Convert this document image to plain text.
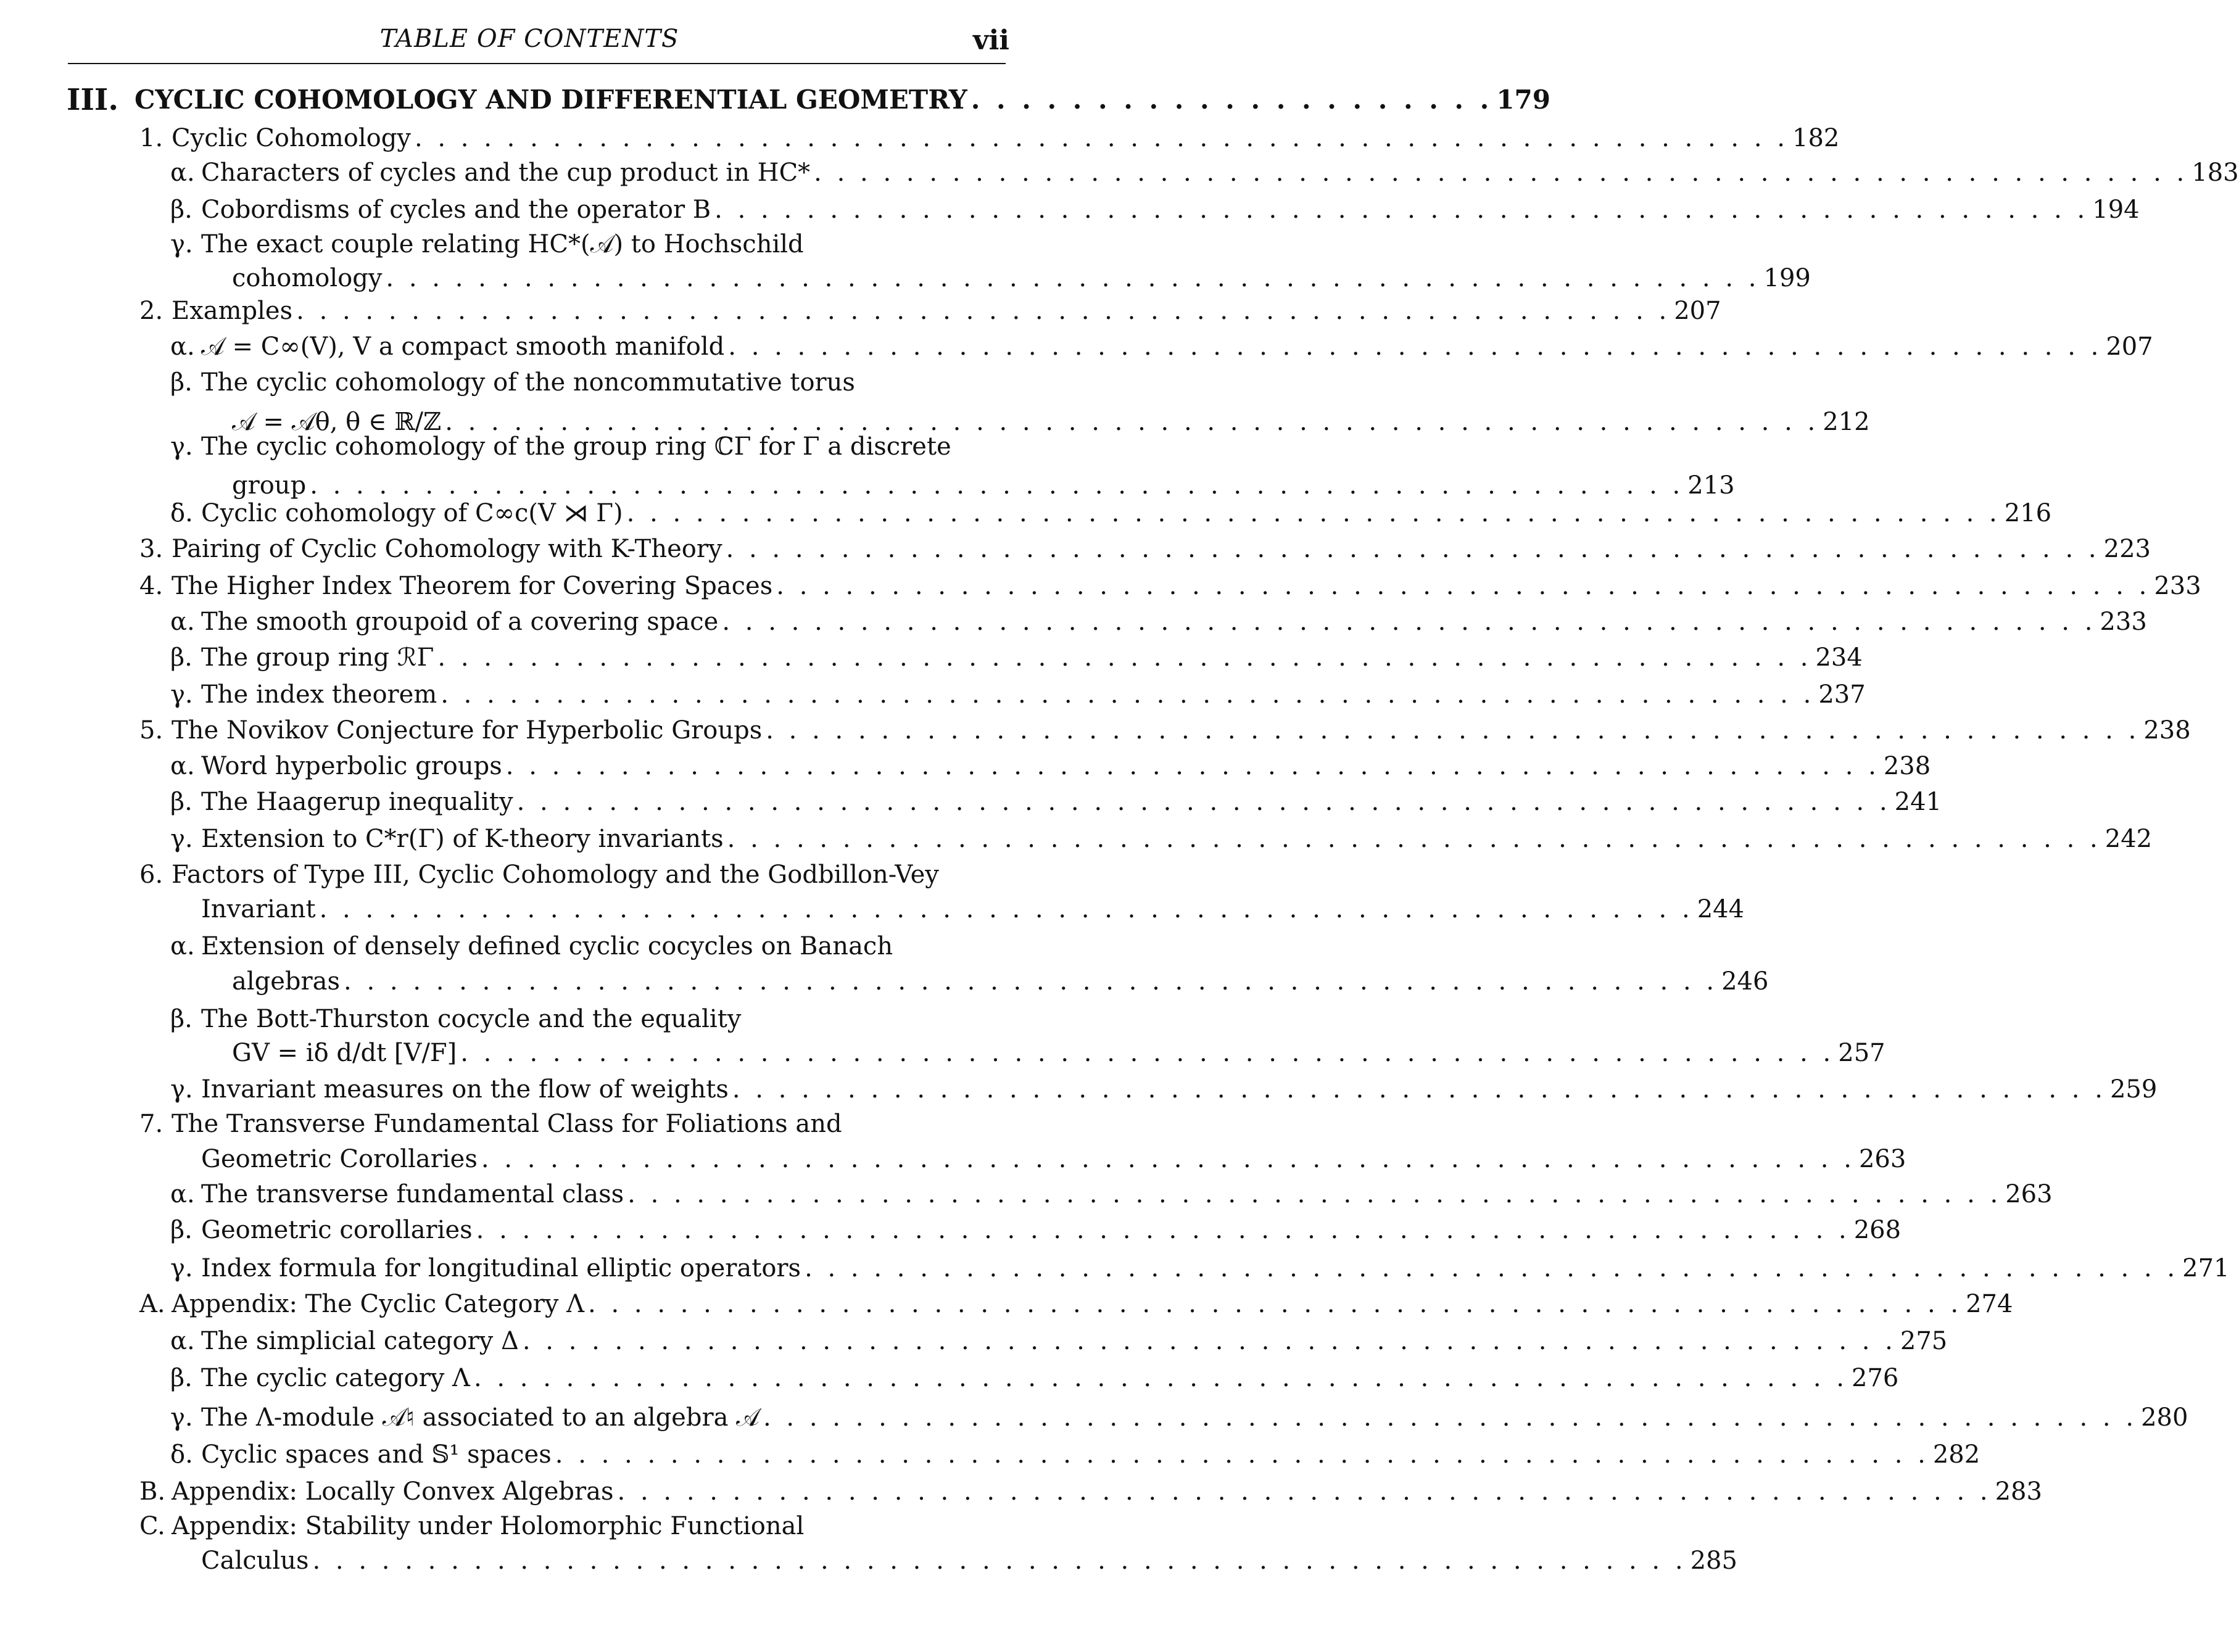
TABLE OF CONTENTS	vii
III. CYCLIC COHOMOLOGY AND DIFFERENTIAL GEOMETRY . . . . . . . . . . . . . . . . . . . . . 179
1. Cyclic Cohomology . . . . . . . . . . . . . . . . . . . . . . . . . . . . . . . . . . . . . . . . . . . . . . . . . . . . . . . . . . . . 182
α. Characters of cycles and the cup product in HC* . . . . . . . . . . . . . . . . . . . . . . . . . . . . . . . . . . . . . . . . . . . . . . . . . . . . . . . . . . . . 183
β. Cobordisms of cycles and the operator B . . . . . . . . . . . . . . . . . . . . . . . . . . . . . . . . . . . . . . . . . . . . . . . . . . . . . . . . . . . . 194
γ. The exact couple relating HC*(𝒜) to Hochschild
cohomology . . . . . . . . . . . . . . . . . . . . . . . . . . . . . . . . . . . . . . . . . . . . . . . . . . . . . . . . . . . . 199
2. Examples . . . . . . . . . . . . . . . . . . . . . . . . . . . . . . . . . . . . . . . . . . . . . . . . . . . . . . . . . . . . 207
α. 𝒜 = C∞(V), V a compact smooth manifold . . . . . . . . . . . . . . . . . . . . . . . . . . . . . . . . . . . . . . . . . . . . . . . . . . . . . . . . . . . . 207
β. The cyclic cohomology of the noncommutative torus
𝒜 = 𝒜θ, θ ∈ ℝ/ℤ . . . . . . . . . . . . . . . . . . . . . . . . . . . . . . . . . . . . . . . . . . . . . . . . . . . . . . . . . . . . 212
γ. The cyclic cohomology of the group ring ℂΓ for Γ a discrete
group . . . . . . . . . . . . . . . . . . . . . . . . . . . . . . . . . . . . . . . . . . . . . . . . . . . . . . . . . . . . 213
δ. Cyclic cohomology of C∞c(V ⋊ Γ) . . . . . . . . . . . . . . . . . . . . . . . . . . . . . . . . . . . . . . . . . . . . . . . . . . . . . . . . . . . . 216
3. Pairing of Cyclic Cohomology with K-Theory . . . . . . . . . . . . . . . . . . . . . . . . . . . . . . . . . . . . . . . . . . . . . . . . . . . . . . . . . . . . 223
4. The Higher Index Theorem for Covering Spaces . . . . . . . . . . . . . . . . . . . . . . . . . . . . . . . . . . . . . . . . . . . . . . . . . . . . . . . . . . . . 233
α. The smooth groupoid of a covering space . . . . . . . . . . . . . . . . . . . . . . . . . . . . . . . . . . . . . . . . . . . . . . . . . . . . . . . . . . . . 233
β. The group ring ℛΓ . . . . . . . . . . . . . . . . . . . . . . . . . . . . . . . . . . . . . . . . . . . . . . . . . . . . . . . . . . . . 234
γ. The index theorem . . . . . . . . . . . . . . . . . . . . . . . . . . . . . . . . . . . . . . . . . . . . . . . . . . . . . . . . . . . . 237
5. The Novikov Conjecture for Hyperbolic Groups . . . . . . . . . . . . . . . . . . . . . . . . . . . . . . . . . . . . . . . . . . . . . . . . . . . . . . . . . . . . 238
α. Word hyperbolic groups . . . . . . . . . . . . . . . . . . . . . . . . . . . . . . . . . . . . . . . . . . . . . . . . . . . . . . . . . . . . 238
β. The Haagerup inequality . . . . . . . . . . . . . . . . . . . . . . . . . . . . . . . . . . . . . . . . . . . . . . . . . . . . . . . . . . . . 241
γ. Extension to C*r(Γ) of K-theory invariants . . . . . . . . . . . . . . . . . . . . . . . . . . . . . . . . . . . . . . . . . . . . . . . . . . . . . . . . . . . . 242
6. Factors of Type III, Cyclic Cohomology and the Godbillon-Vey
Invariant . . . . . . . . . . . . . . . . . . . . . . . . . . . . . . . . . . . . . . . . . . . . . . . . . . . . . . . . . . . . 244
α. Extension of densely defined cyclic cocycles on Banach
algebras . . . . . . . . . . . . . . . . . . . . . . . . . . . . . . . . . . . . . . . . . . . . . . . . . . . . . . . . . . . . 246
β. The Bott-Thurston cocycle and the equality
GV = iδ d/dt [V/F] . . . . . . . . . . . . . . . . . . . . . . . . . . . . . . . . . . . . . . . . . . . . . . . . . . . . . . . . . . . . 257
γ. Invariant measures on the flow of weights . . . . . . . . . . . . . . . . . . . . . . . . . . . . . . . . . . . . . . . . . . . . . . . . . . . . . . . . . . . . 259
7. The Transverse Fundamental Class for Foliations and
Geometric Corollaries . . . . . . . . . . . . . . . . . . . . . . . . . . . . . . . . . . . . . . . . . . . . . . . . . . . . . . . . . . . . 263
α. The transverse fundamental class . . . . . . . . . . . . . . . . . . . . . . . . . . . . . . . . . . . . . . . . . . . . . . . . . . . . . . . . . . . . 263
β. Geometric corollaries . . . . . . . . . . . . . . . . . . . . . . . . . . . . . . . . . . . . . . . . . . . . . . . . . . . . . . . . . . . . 268
γ. Index formula for longitudinal elliptic operators . . . . . . . . . . . . . . . . . . . . . . . . . . . . . . . . . . . . . . . . . . . . . . . . . . . . . . . . . . . . 271
A. Appendix: The Cyclic Category Λ . . . . . . . . . . . . . . . . . . . . . . . . . . . . . . . . . . . . . . . . . . . . . . . . . . . . . . . . . . . . 274
α. The simplicial category Δ . . . . . . . . . . . . . . . . . . . . . . . . . . . . . . . . . . . . . . . . . . . . . . . . . . . . . . . . . . . . 275
β. The cyclic category Λ . . . . . . . . . . . . . . . . . . . . . . . . . . . . . . . . . . . . . . . . . . . . . . . . . . . . . . . . . . . . 276
γ. The Λ-module 𝒜♮ associated to an algebra 𝒜 . . . . . . . . . . . . . . . . . . . . . . . . . . . . . . . . . . . . . . . . . . . . . . . . . . . . . . . . . . . . 280
δ. Cyclic spaces and 𝕊¹ spaces . . . . . . . . . . . . . . . . . . . . . . . . . . . . . . . . . . . . . . . . . . . . . . . . . . . . . . . . . . . . 282
B. Appendix: Locally Convex Algebras . . . . . . . . . . . . . . . . . . . . . . . . . . . . . . . . . . . . . . . . . . . . . . . . . . . . . . . . . . . . 283
C. Appendix: Stability under Holomorphic Functional
Calculus . . . . . . . . . . . . . . . . . . . . . . . . . . . . . . . . . . . . . . . . . . . . . . . . . . . . . . . . . . . . 285
